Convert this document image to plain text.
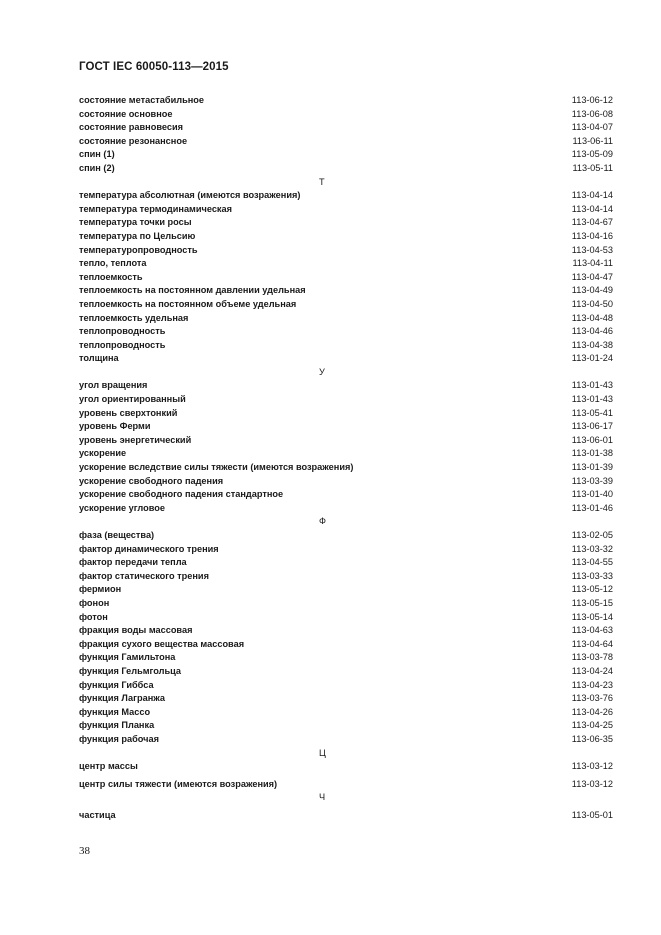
ГОСТ IEC 60050-113—2015
состояние метастабильное	113-06-12
состояние основное	113-06-08
состояние равновесия	113-04-07
состояние резонансное	113-06-11
спин (1)	113-05-09
спин (2)	113-05-11
Т
температура абсолютная (имеются возражения)	113-04-14
температура термодинамическая	113-04-14
температура точки росы	113-04-67
температура по Цельсию	113-04-16
температуропроводность	113-04-53
тепло, теплота	113-04-11
теплоемкость	113-04-47
теплоемкость на постоянном давлении удельная	113-04-49
теплоемкость на постоянном объеме удельная	113-04-50
теплоемкость удельная	113-04-48
теплопроводность	113-04-46
теплопроводность	113-04-38
толщина	113-01-24
У
угол вращения	113-01-43
угол ориентированный	113-01-43
уровень сверхтонкий	113-05-41
уровень Ферми	113-06-17
уровень энергетический	113-06-01
ускорение	113-01-38
ускорение вследствие силы тяжести (имеются возражения)	113-01-39
ускорение свободного падения	113-03-39
ускорение свободного падения стандартное	113-01-40
ускорение угловое	113-01-46
Ф
фаза (вещества)	113-02-05
фактор динамического трения	113-03-32
фактор передачи тепла	113-04-55
фактор статического трения	113-03-33
фермион	113-05-12
фонон	113-05-15
фотон	113-05-14
фракция воды массовая	113-04-63
фракция сухого вещества массовая	113-04-64
функция Гамильтона	113-03-78
функция Гельмгольца	113-04-24
функция Гиббса	113-04-23
функция Лагранжа	113-03-76
функция Массо	113-04-26
функция Планка	113-04-25
функция рабочая	113-06-35
Ц
центр массы	113-03-12
центр силы тяжести (имеются возражения)	113-03-12
Ч
частица	113-05-01
38
